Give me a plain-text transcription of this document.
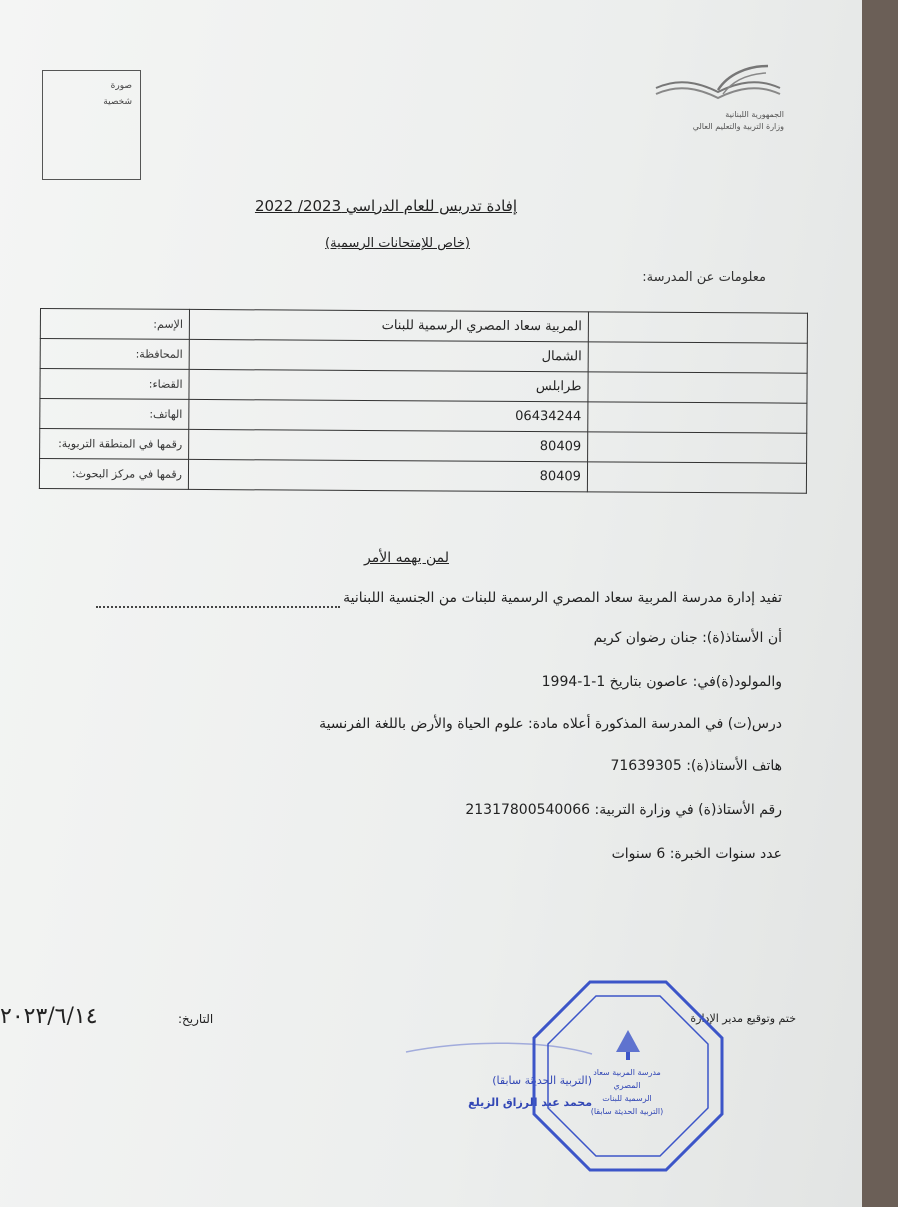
صورة
شخصية
الجمهورية اللبنانية
وزارة التربية والتعليم العالي
إفادة تدريس للعام الدراسي 2023/ 2022
(خاص للإمتحانات الرسمية)
معلومات عن المدرسة:
الإسم:	المربية سعاد المصري الرسمية للبنات	
المحافظة:	الشمال	
القضاء:	طرابلس	
الهاتف:	06434244	
رقمها في المنطقة التربوية:	80409	
رقمها في مركز البحوث:	80409	
لمن يهمه الأمر
تفيد إدارة مدرسة المربية سعاد المصري الرسمية للبنات من الجنسية اللبنانية
أن الأستاذ(ة): جنان رضوان كريم
والمولود(ة)في: عاصون بتاريخ 1-1-1994
درس(ت) في المدرسة المذكورة أعلاه مادة: علوم الحياة والأرض باللغة الفرنسية
هاتف الأستاذ(ة): 71639305
رقم الأستاذ(ة) في وزارة التربية: 21317800540066
عدد سنوات الخبرة: 6 سنوات
ختم وتوقيع مدير الإدارة
التاريخ:
٢٠٢٣/٦/١٤
(التربية الحديثة سابقا)
محمد عبد الرزاق الزيلع
مدرسة المربية سعاد المصري
الرسمية للبنات
(التربية الحديثة سابقا)
